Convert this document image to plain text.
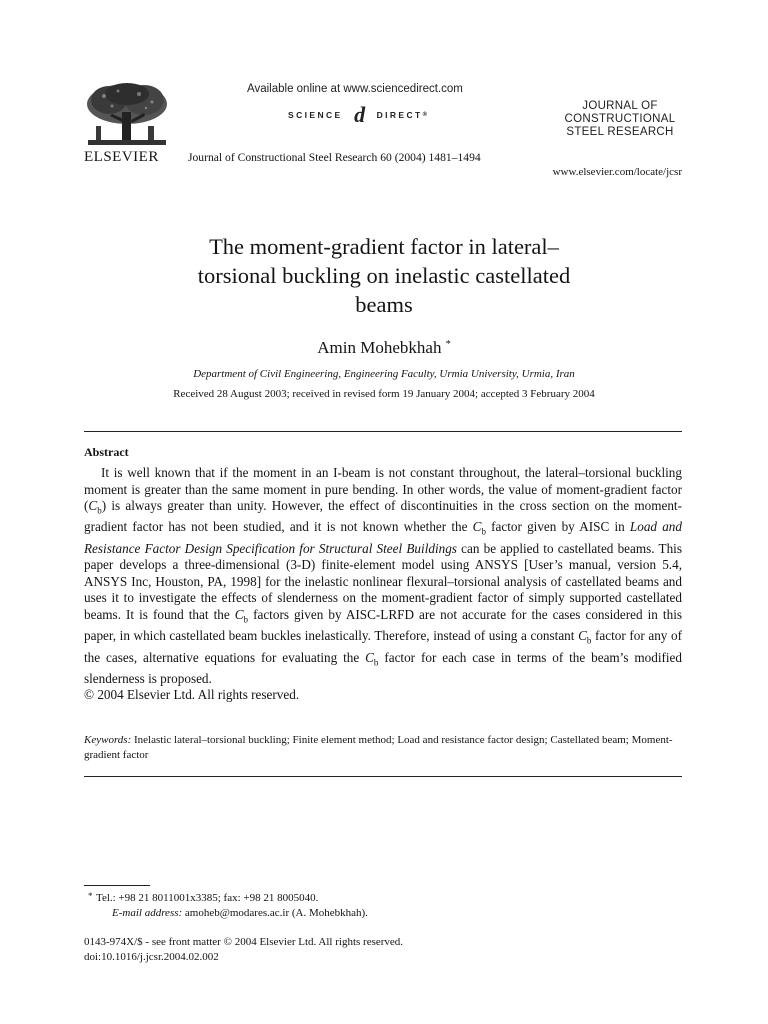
ELSEVIER
Available online at www.sciencedirect.com
SCIENCE d	DIRECT ®
Journal of Constructional Steel Research 60 (2004) 1481–1494
JOURNAL OF
CONSTRUCTIONAL
STEEL RESEARCH
www.elsevier.com/locate/jcsr
The moment-gradient factor in lateral–
torsional buckling on inelastic castellated
beams
Amin Mohebkhah *
Department of Civil Engineering, Engineering Faculty, Urmia University, Urmia, Iran
Received 28 August 2003; received in revised form 19 January 2004; accepted 3 February 2004
Abstract

It is well known that if the moment in an I-beam is not constant throughout, the lateral–torsional buckling moment is greater than the same moment in pure bending. In other words, the value of moment-gradient factor $(C_b)$ is always greater than unity. However, the effect of discontinuities in the cross section on the moment-gradient factor has not been studied, and it is not known whether the $C_b$ factor given by AISC in Load and Resistance Factor Design Specification for Structural Steel Buildings can be applied to castellated beams. This paper develops a three-dimensional (3-D) finite-element model using ANSYS [User’s manual, version 5.4, ANSYS Inc, Houston, PA, 1998] for the inelastic nonlinear flexural–torsional analysis of castellated beams and uses it to investigate the effects of slenderness on the moment-gradient factor of simply supported castellated beams. It is found that the $C_b$ factors given by AISC-LRFD are not accurate for the cases considered in this paper, in which castellated beam buckles inelastically. Therefore, instead of using a constant $C_b$ factor for any of the cases, alternative equations for evaluating the $C_b$ factor for each case in terms of the beam’s modified slenderness is proposed.
© 2004 Elsevier Ltd. All rights reserved.

Keywords: Inelastic lateral–torsional buckling; Finite element method; Load and resistance factor design; Castellated beam; Moment-gradient factor
* Tel.: +98 21 8011001x3385; fax: +98 21 8005040.
E-mail address: amoheb@modares.ac.ir (A. Mohebkhah).
0143-974X/$ - see front matter © 2004 Elsevier Ltd. All rights reserved.
doi:10.1016/j.jcsr.2004.02.002
